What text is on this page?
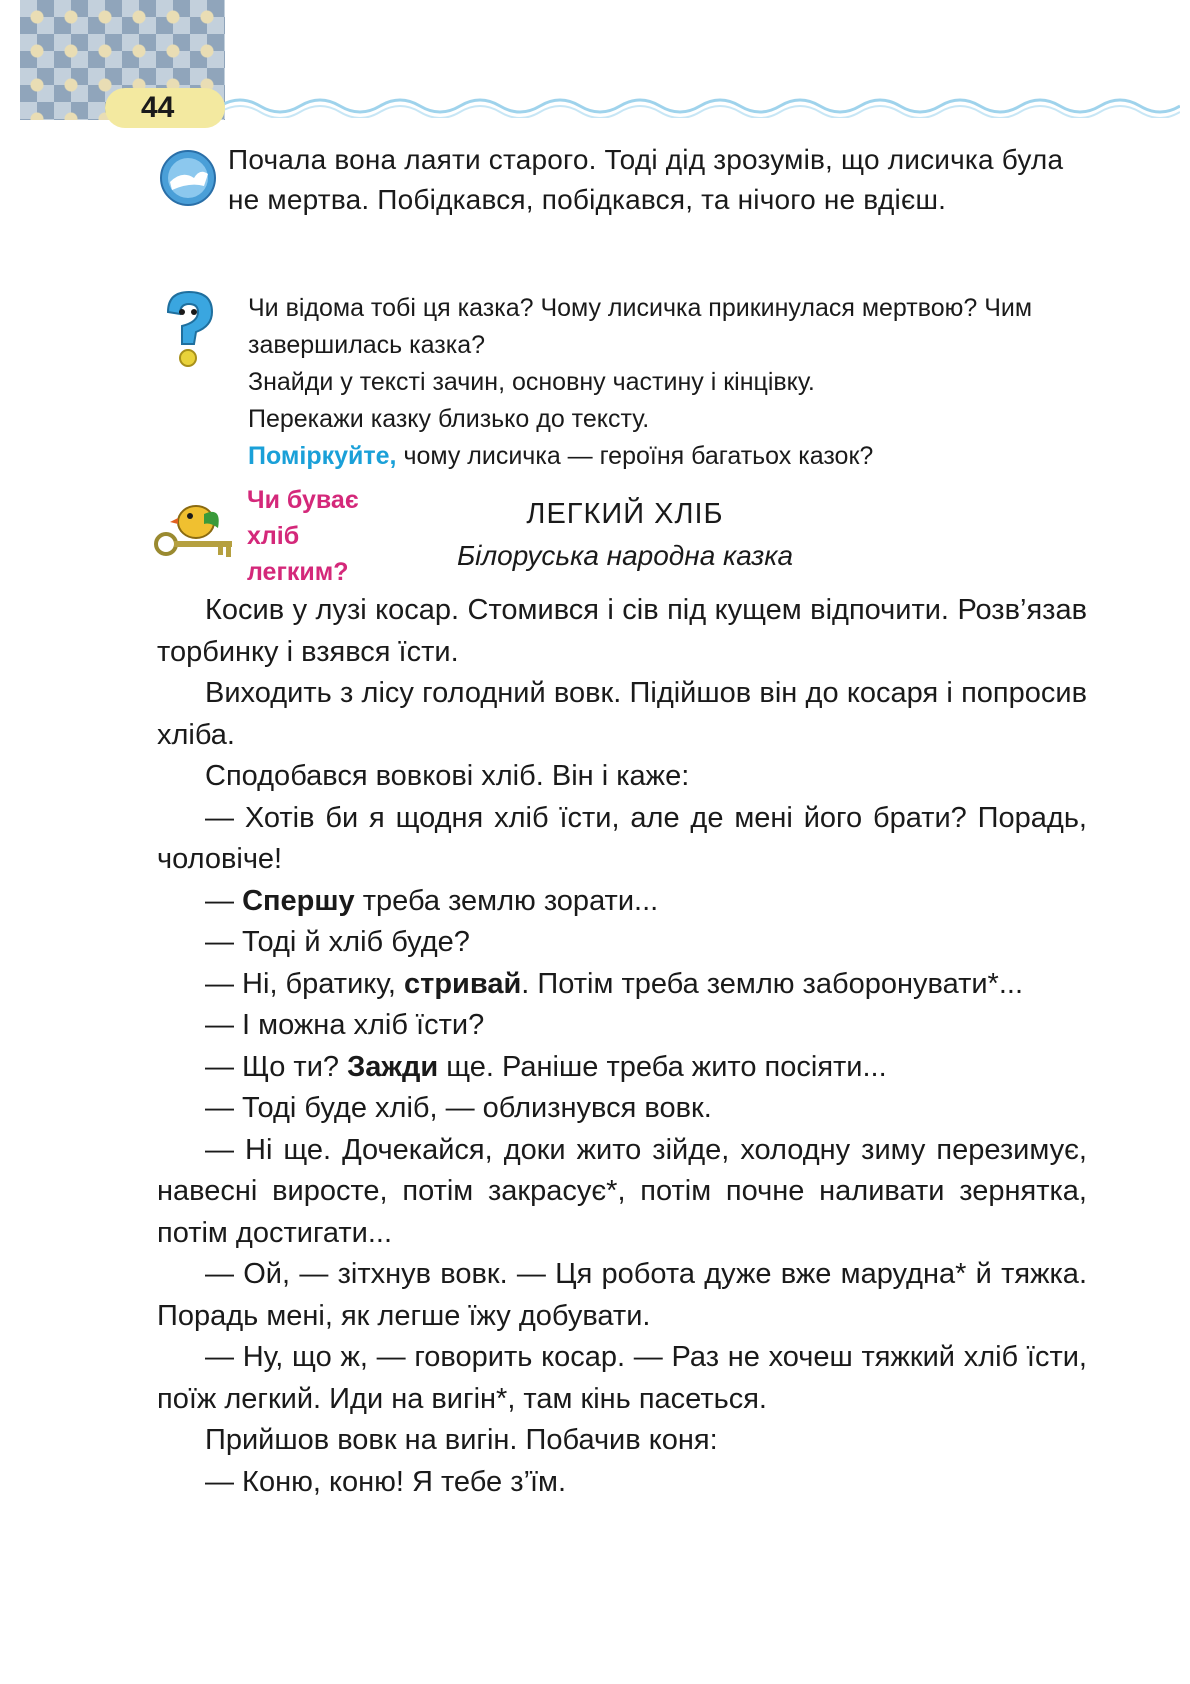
44
Почала вона лаяти старого. Тоді дід зрозумів, що лисичка була не мертва. Побідкався, побідкався, та нічого не вдієш.
Чи відома тобі ця казка? Чому лисичка прикинулася мертвою? Чим завершилась казка?
Знайди у тексті зачин, основну частину і кінцівку.
Перекажи казку близько до тексту.
Поміркуйте, чому лисичка — героїня багатьох казок?
Чи буває
хліб
легким?
ЛЕГКИЙ ХЛІБ
Білоруська народна казка

Косив у лузі косар. Стомився і сів під кущем відпочити. Розв’язав торбинку і взявся їсти.

Виходить з лісу голодний вовк. Підійшов він до косаря і попросив хліба.

Сподобався вовкові хліб. Він і каже:

— Хотів би я щодня хліб їсти, але де мені його брати? Порадь, чоловіче!

— Спершу треба землю зорати...

— Тоді й хліб буде?

— Ні, братику, стривай. Потім треба землю заборонувати*...

— І можна хліб їсти?

— Що ти? Зажди ще. Раніше треба жито посіяти...

— Тоді буде хліб, — облизнувся вовк.

— Ні ще. Дочекайся, доки жито зійде, холодну зиму перезимує, навесні виросте, потім закрасує*, потім почне наливати зернятка, потім достигати...

— Ой, — зітхнув вовк. — Ця робота дуже вже марудна* й тяжка. Порадь мені, як легше їжу добувати.

— Ну, що ж, — говорить косар. — Раз не хочеш тяжкий хліб їсти, поїж легкий. Иди на вигін*, там кінь пасеться.

Прийшов вовк на вигін. Побачив коня:

— Коню, коню! Я тебе з’їм.
